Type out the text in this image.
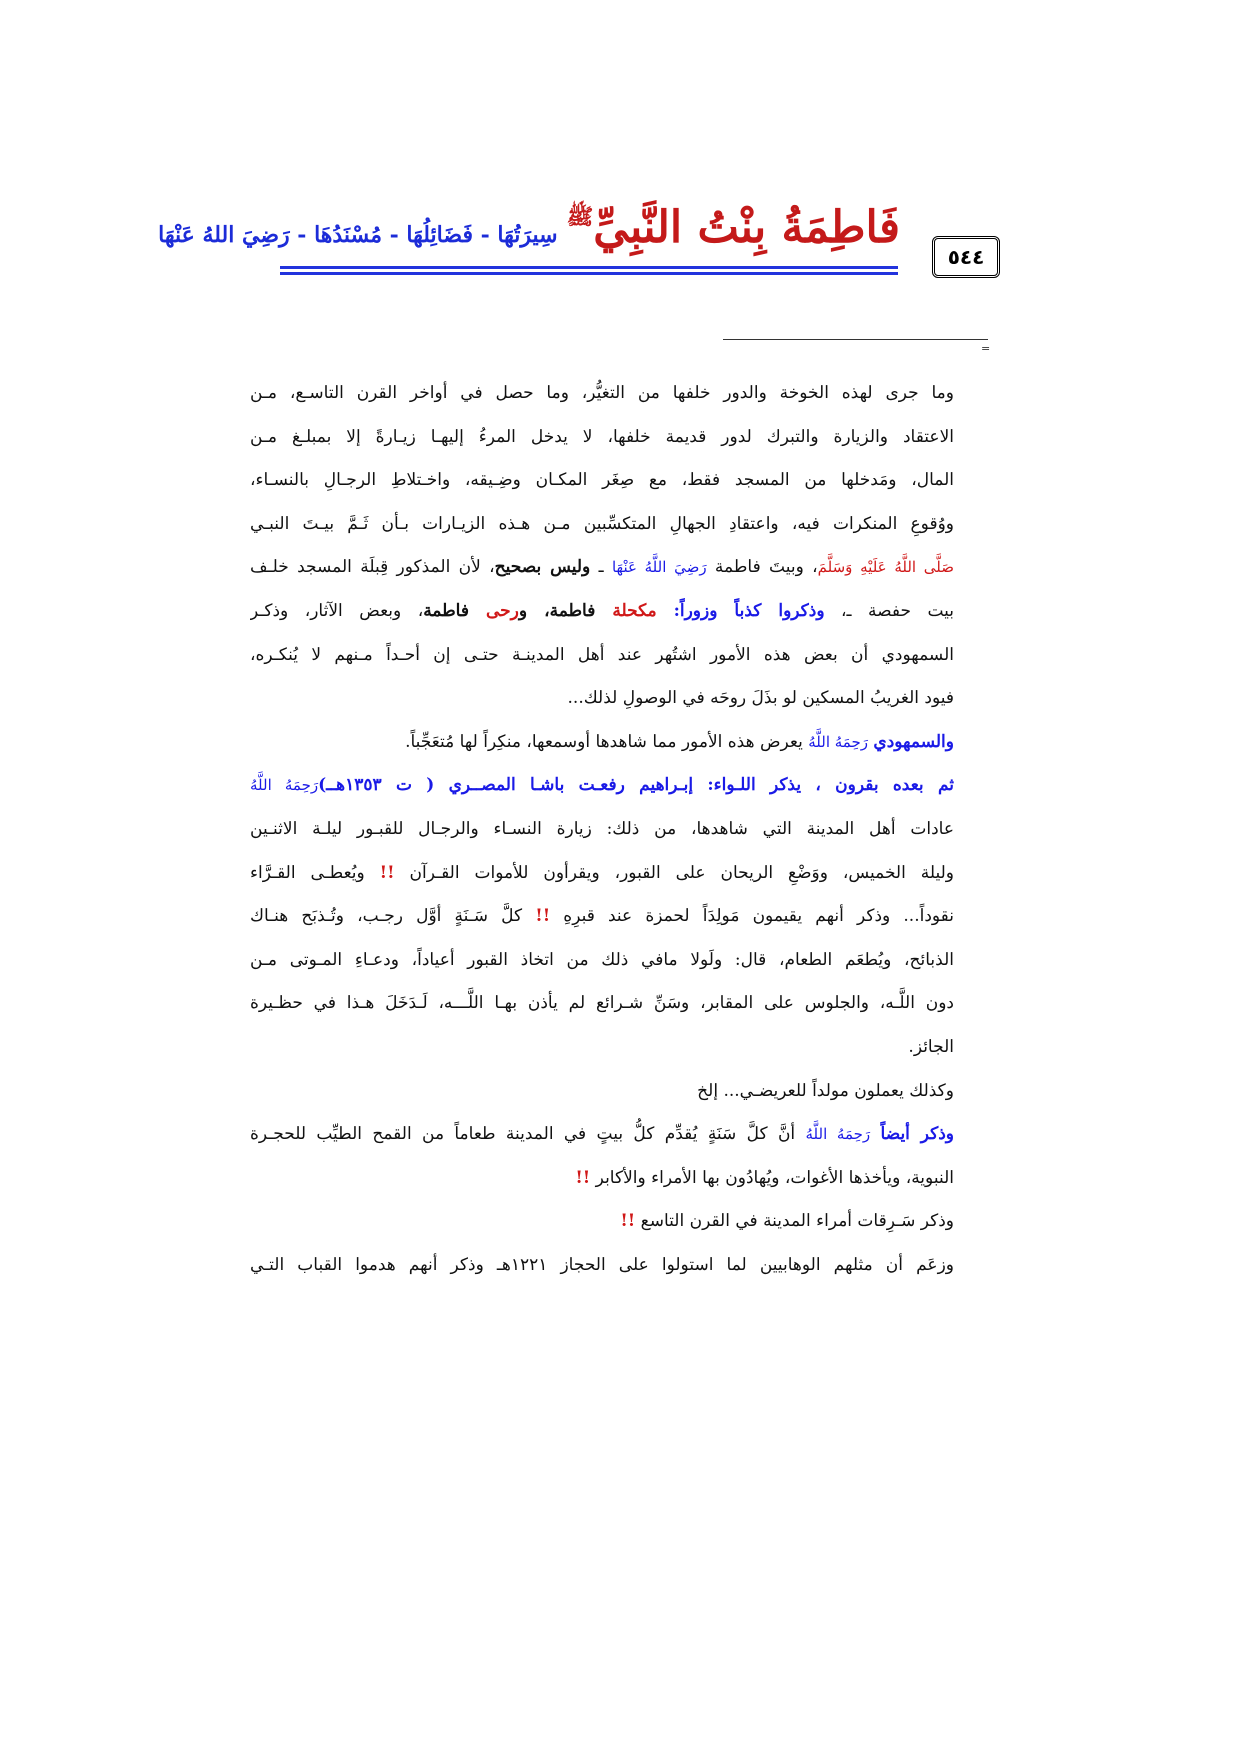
٥٤٤
فَاطِمَةُ بِنْتُ النَّبِيِّﷺ سِيرَتُهَا - فَضَائِلُهَا - مُسْنَدُهَا - رَضِيَ اللهُ عَنْهَا
=
وما جرى لهذه الخوخة والدور خلفها من التغيُّر، وما حصل في أواخر القرن التاسـع، مـن
الاعتقاد والزيارة والتبرك لدور قديمة خلفها، لا يدخل المرءُ إليهـا زيـارةً إلا بمبلـغ مـن
المال، ومَدخلها من المسجد فقط، مع صِغَر المكـان وضِـيقه، واخـتلاطِ الرجـالِ بالنسـاء،
ووُقوعِ المنكرات فيه، واعتقادِ الجهالِ المتكسِّبين مـن هـذه الزيـارات بـأن ثَـمَّ بيـتَ النبـي
صَلَّى اللَّهُ عَلَيْهِ وَسَلَّمَ، وبيتَ فاطمة رَضِيَ اللَّهُ عَنْهَا ـ وليس بصحيح، لأن المذكور قِبلَة المسجد خلـف
بيت حفصة ـ، وذكروا كذباً وزوراً: مكحلة فاطمة، ورحى فاطمة، وبعض الآثار، وذكـر
السمهودي أن بعض هذه الأمور اشتُهر عند أهل المدينـة حتـى إن أحـداً مـنهم لا يُنكـره،
فيود الغريبُ المسكين لو بذَلَ روحَه في الوصولِ لذلك...
والسمهودي رَحِمَهُ اللَّهُ يعرض هذه الأمور مما شاهدها أوسمعها، منكِراً لها مُتعَجِّباً.
ثم بعده بقرون ، يذكر اللـواء: إبـراهيم رفعـت باشـا المصــري ( ت ١٣٥٣هــ)رَحِمَهُ اللَّهُ
عادات أهل المدينة التي شاهدها، من ذلك: زيارة النسـاء والرجـال للقبـور ليلـة الاثنـين
وليلة الخميس، ووَضْعِ الريحان على القبور، ويقرأون للأموات القـرآن !! ويُعطـى القـرَّاء
نقوداً... وذكر أنهم يقيمون مَولِدَاً لحمزة عند قبرِهِ !! كلَّ سَـنَةٍ أوَّل رجـب، وتُـذبَح هنـاك
الذبائح، ويُطعَم الطعام، قال: ولَولا مافي ذلك من اتخاذ القبور أعياداً، ودعـاءِ المـوتى مـن
دون اللَّـه، والجلوس على المقابر، وسَنِّ شـرائع لم يأذن بهـا اللَّـــه، لَـدَخَلَ هـذا في حظـيرة
الجائز.
وكذلك يعملون مولداً للعريضـي... إلخ
وذكر أيضاً رَحِمَهُ اللَّهُ أنَّ كلَّ سَنَةٍ يُقدِّم كلُّ بيتٍ في المدينة طعاماً من القمح الطيِّب للحجـرة
النبوية، ويأخذها الأغوات، ويُهادُون بها الأمراء والأكابر !!
وذكر سَـرِقات أمراء المدينة في القرن التاسع !!
وزعَم أن مثلهم الوهابيين لما استولوا على الحجاز ١٢٢١هـ وذكر أنهم هدموا القباب التـي
